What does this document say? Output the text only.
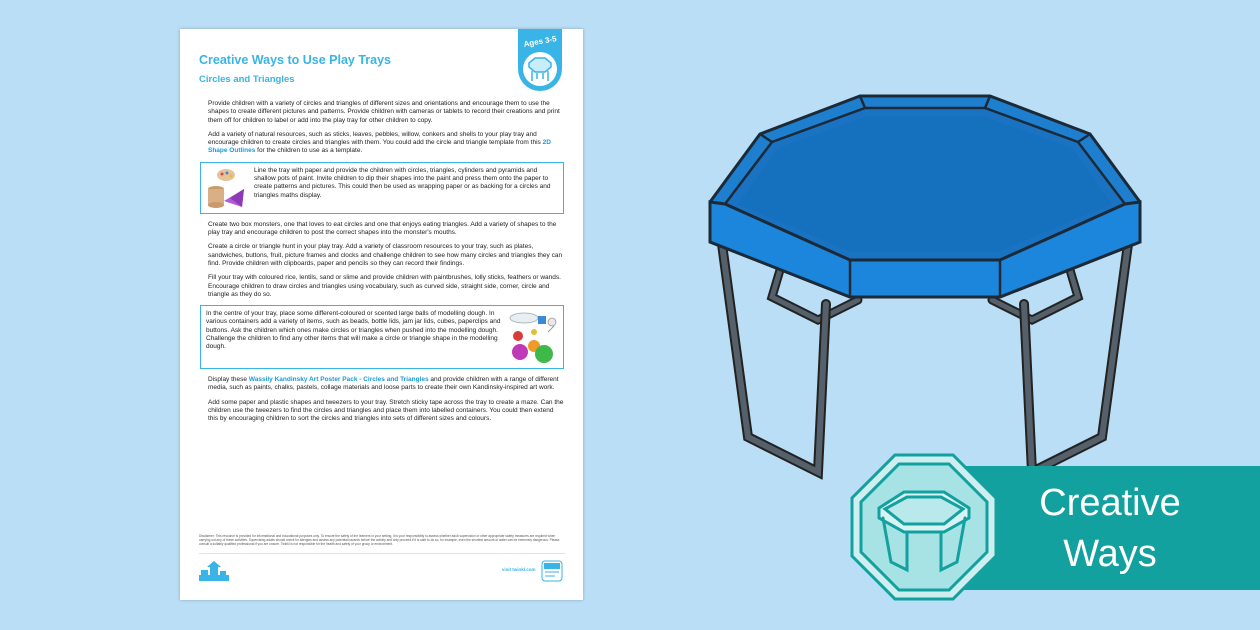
Creative Ways to Use Play Trays
Circles and Triangles
Ages 3-5

Provide children with a variety of circles and triangles of different sizes and orientations and encourage them to use the shapes to create different pictures and patterns. Provide children with cameras or tablets to record their creations and print them off for children to label or add into the play tray for other children to copy.

Add a variety of natural resources, such as sticks, leaves, pebbles, willow, conkers and shells to your play tray and encourage children to create circles and triangles with them. You could add the circle and triangle template from this 2D Shape Outlines for the children to use as a template.

Line the tray with paper and provide the children with circles, triangles, cylinders and pyramids and shallow pots of paint. Invite children to dip their shapes into the paint and press them onto the paper to create patterns and pictures. This could then be used as wrapping paper or as backing for a circles and triangles maths display.

Create two box monsters, one that loves to eat circles and one that enjoys eating triangles. Add a variety of shapes to the play tray and encourage children to post the correct shapes into the monster's mouths.

Create a circle or triangle hunt in your play tray. Add a variety of classroom resources to your tray, such as plates, sandwiches, buttons, fruit, picture frames and clocks and challenge children to see how many circles and triangles they can find. Provide children with clipboards, paper and pencils so they can record their findings.

Fill your tray with coloured rice, lentils, sand or slime and provide children with paintbrushes, lolly sticks, feathers or wands. Encourage children to draw circles and triangles using vocabulary, such as curved side, straight side, corner, circle and triangle as they do so.

In the centre of your tray, place some different-coloured or scented large balls of modelling dough. In various containers add a variety of items, such as beads, bottle lids, jam jar lids, cubes, paperclips and buttons. Ask the children which ones make circles or triangles when pushed into the modelling dough. Challenge the children to find any other items that will make a circle or triangle shape in the modelling dough.

Display these Wassily Kandinsky Art Poster Pack - Circles and Triangles and provide children with a range of different media, such as paints, chalks, pastels, collage materials and loose parts to create their own Kandinsky-inspired art work.

Add some paper and plastic shapes and tweezers to your tray. Stretch sticky tape across the tray to create a maze. Can the children use the tweezers to find the circles and triangles and place them into labelled containers. You could then extend this by encouraging children to sort the circles and triangles into sets of different sizes and colours.

Disclaimer: This resource is provided for informational and educational purposes only. To ensure the safety of the learners in your setting, it is your responsibility to assess whether adult supervision or other appropriate safety measures are required when carrying out any of these activities. Supervising adults should check for allergies and assess any potential hazards before the activity and only proceed if it is safe to do so, for example, even the shortest amount of water can be extremely dangerous. Please consult a suitably qualified professional if you are unsure. Twinkl is not responsible for the health and safety of your group or environment.
visit twinkl.com
Creative
Ways
